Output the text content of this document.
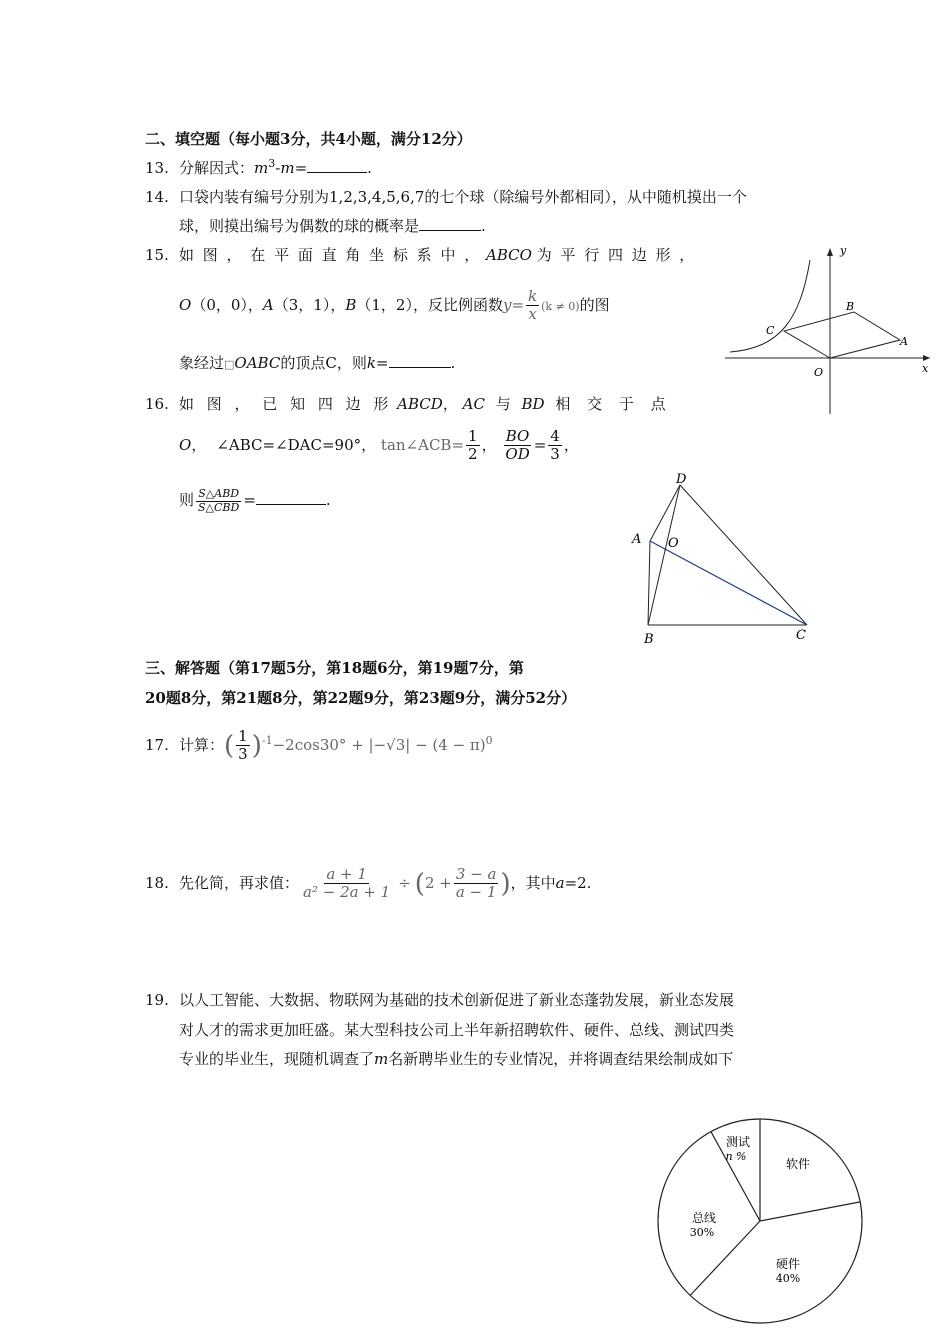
二、填空题（每小题3分，共4小题，满分12分）
13. 分解因式：$m^3-m=$	.
14. 口袋内装有编号分别为1,2,3,4,5,6,7的七个球（除编号外都相同），从中随机摸出一个
球，则摸出编号为偶数的球的概率是	.
15. 如 图 ， 在 平 面 直 角 坐 标 系 中 ， ABCO 为 平 行 四 边 形 ，
O（0，0），A（3，1），B（1，2），反比例函数$y= \frac{k}{x} (k \ne 0)$的图
象经过□OABC的顶点C，则k=	.
y
x
O
A
B
C
16. 如 图 ， 已 知 四 边 形 ABCD， AC 与 BD 相 交 于 点
O， ∠ABC=∠DAC=90°， tan∠ACB= $\frac{1}{2}$ ， $\frac{BO}{OD} = \frac{4}{3}$ ，
则 $\frac{\text{S△ABD}}{\text{S△CBD}}$ =	.
A
B	C
D
O
三、解答题（第17题5分，第18题6分，第19题7分，第
20题8分，第21题8分，第22题9分，第23题9分，满分52分）
17. 计算：( $\frac{1}{3} )^{-1}-2\cos 30^\circ + |-√3| - (4 - \pi)^0$
18. 先化简，再求值： $\frac{a + 1}{\text{a² − 2a + 1}} \div (2 + \frac{3 - a}{a - 1}$ )，其中a=2.
19. 以人工智能、大数据、物联网为基础的技术创新促进了新业态蓬勃发展，新业态发展
对人才的需求更加旺盛。某大型科技公司上半年新招聘软件、硬件、总线、测试四类
专业的毕业生，现随机调查了m名新聘毕业生的专业情况，并将调查结果绘制成如下
软件
硬件
40%
总线
30%
测试
n %
